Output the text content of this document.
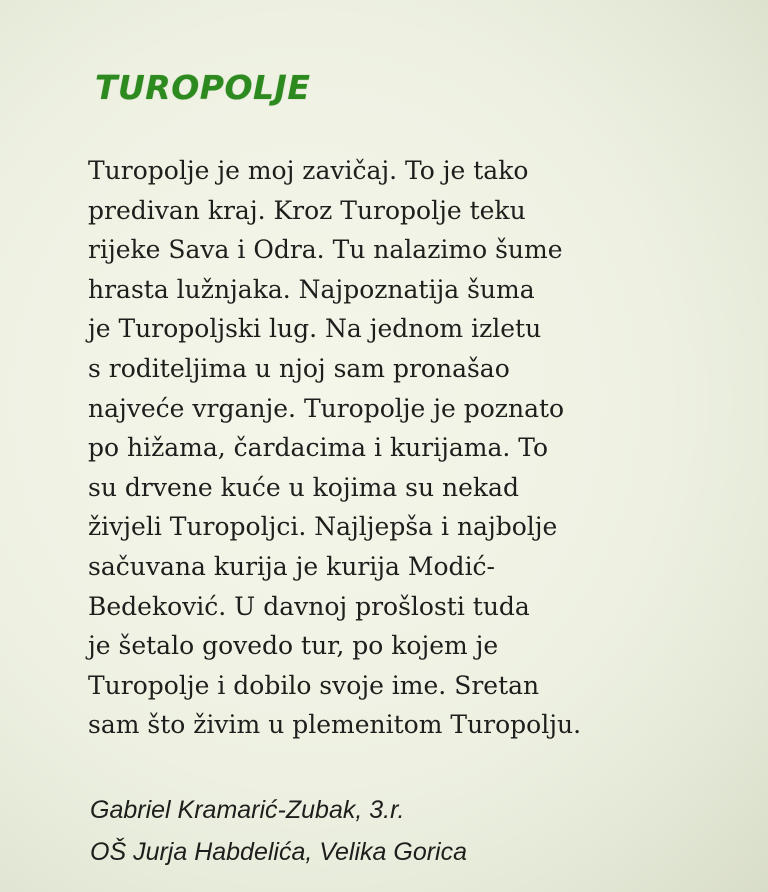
TUROPOLJE
Turopolje je moj zavičaj. To je tako
predivan kraj. Kroz Turopolje teku
rijeke Sava i Odra. Tu nalazimo šume
hrasta lužnjaka. Najpoznatija šuma
je Turopoljski lug. Na jednom izletu
s roditeljima u njoj sam pronašao
najveće vrganje. Turopolje je poznato
po hižama, čardacima i kurijama. To
su drvene kuće u kojima su nekad
živjeli Turopoljci. Najljepša i najbolje
sačuvana kurija je kurija Modić-
Bedeković. U davnoj prošlosti tuda
je šetalo govedo tur, po kojem je
Turopolje i dobilo svoje ime. Sretan
sam što živim u plemenitom Turopolju.
Gabriel Kramarić-Zubak, 3.r.
OŠ Jurja Habdelića, Velika Gorica
